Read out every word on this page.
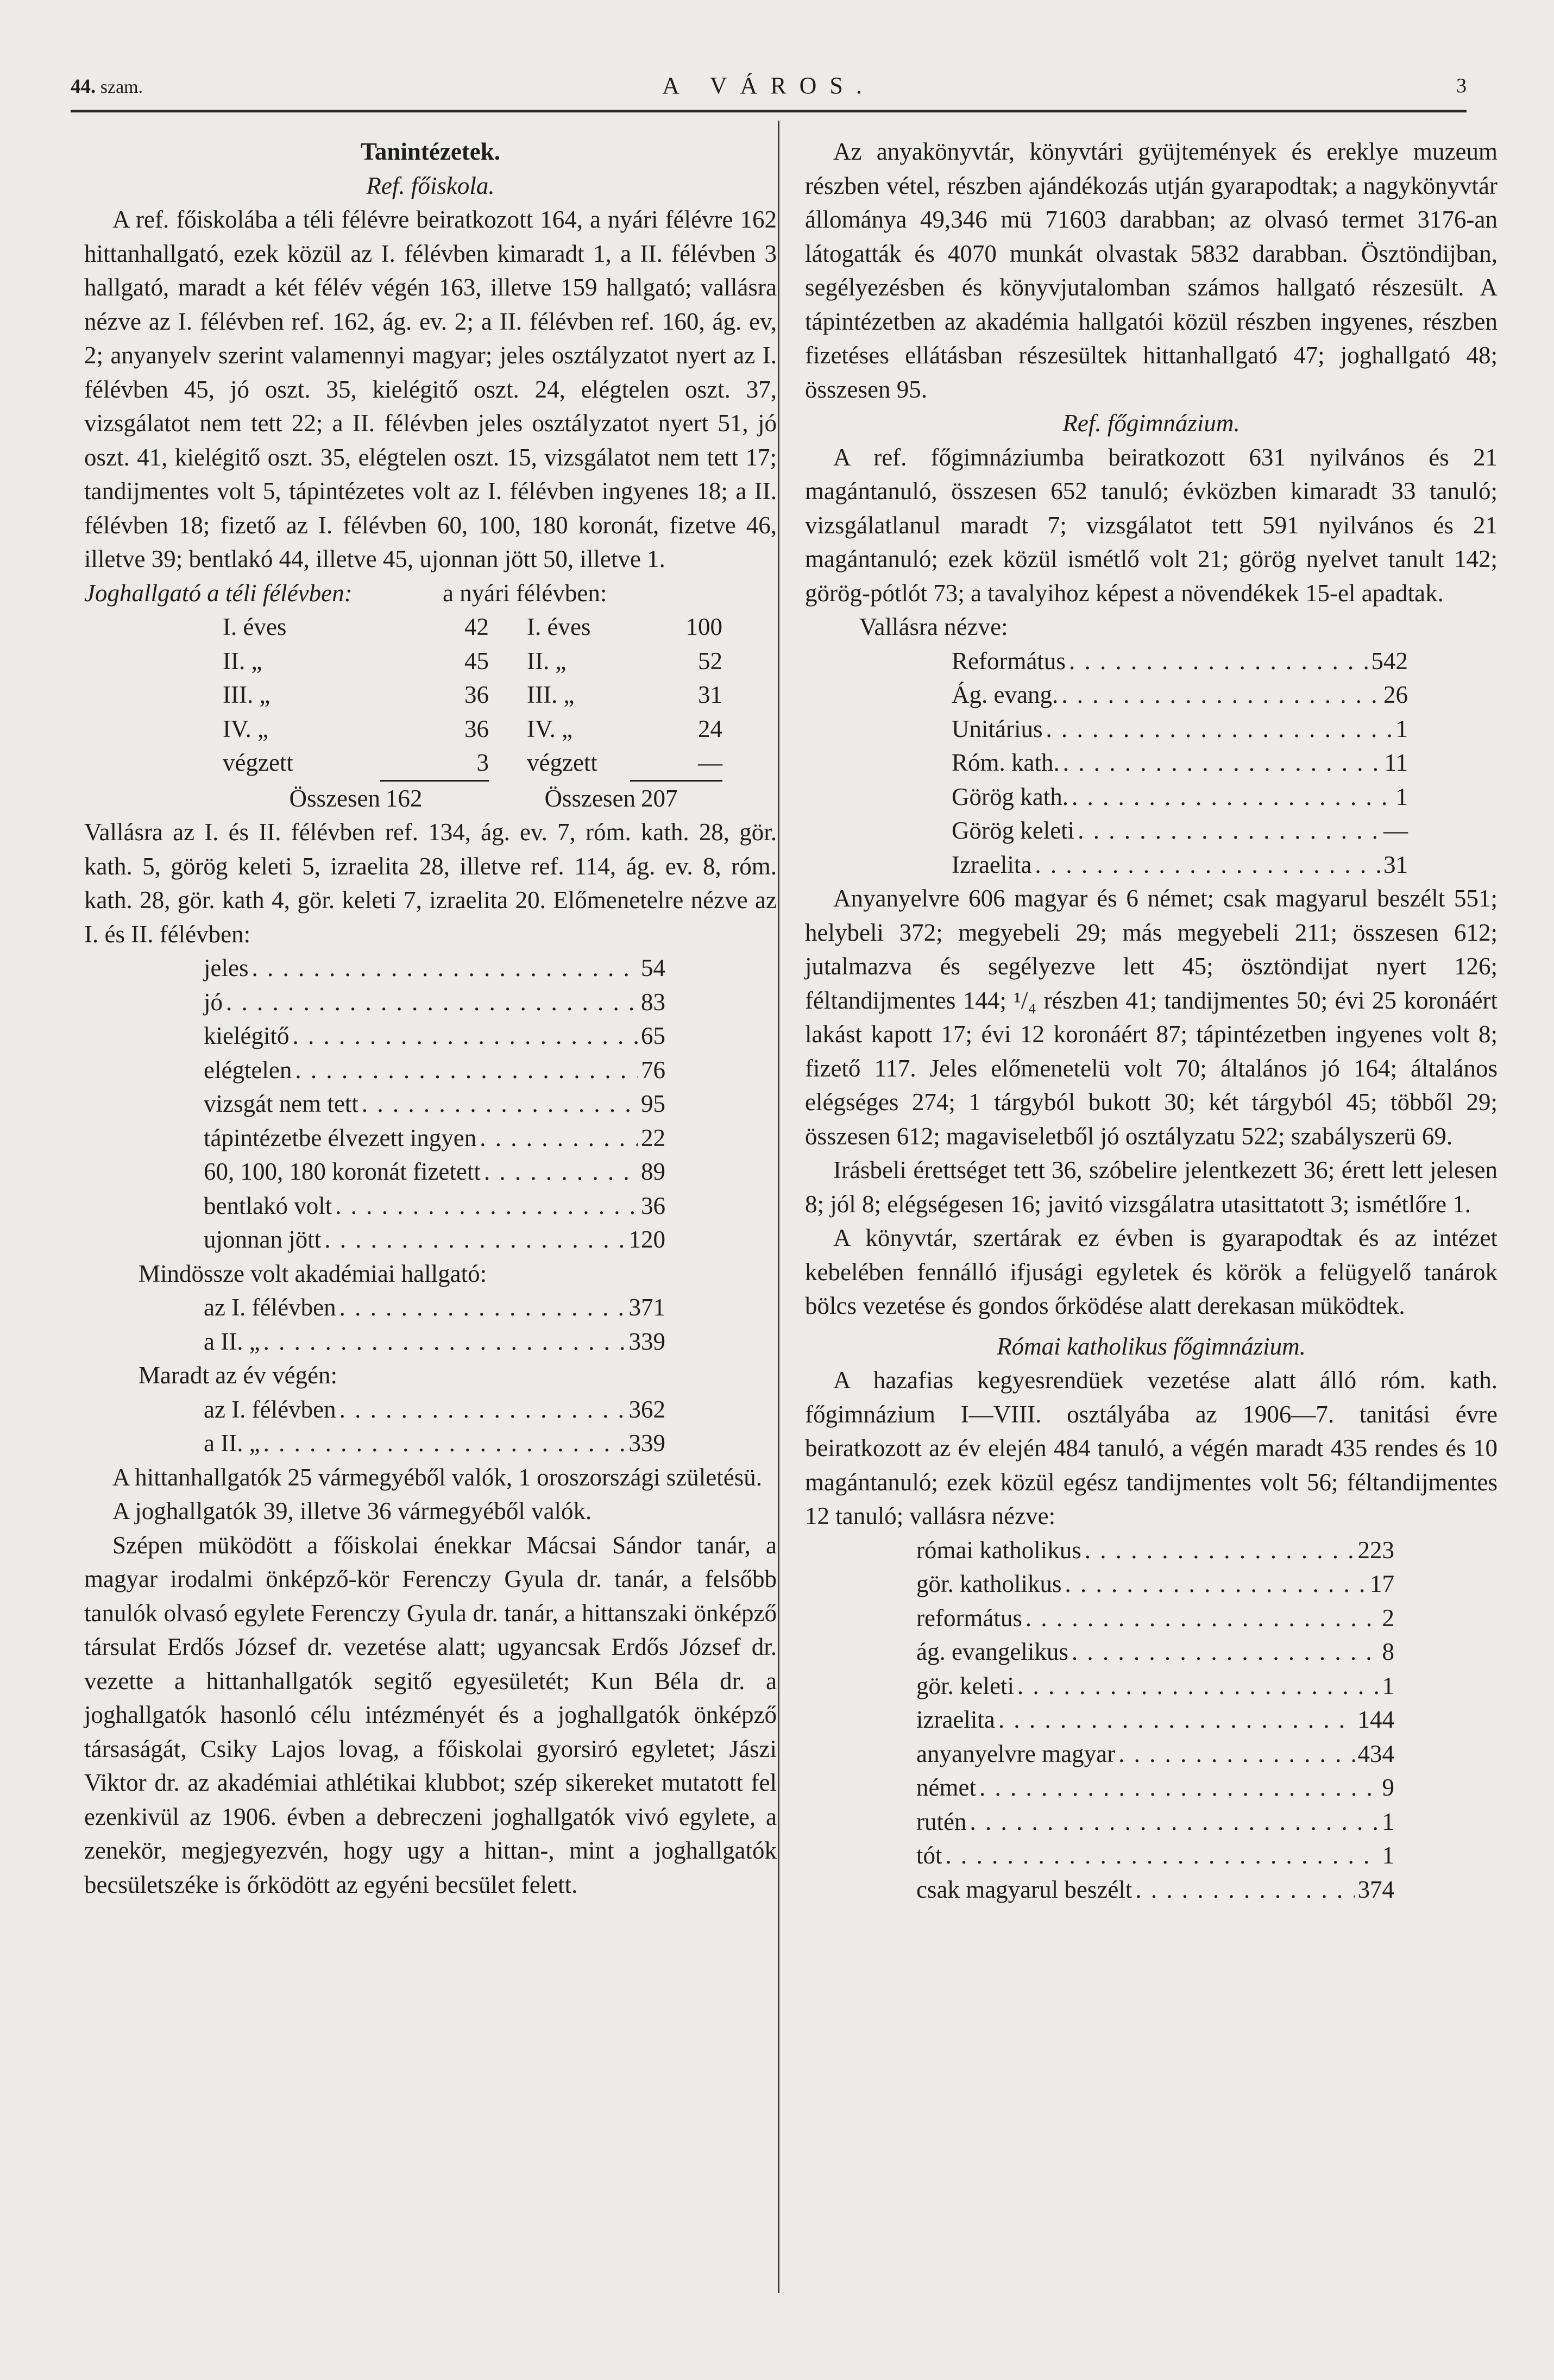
44. szam.	A VÁROS.	3

Tanintézetek.

Ref. főiskola.

A ref. főiskolába a téli félévre beiratkozott 164, a nyári félévre 162 hittanhallgató, ezek közül az I. félévben kimaradt 1, a II. félévben 3 hallgató, maradt a két félév végén 163, illetve 159 hallgató; vallásra nézve az I. félévben ref. 162, ág. ev. 2; a II. félévben ref. 160, ág. ev, 2; anyanyelv szerint valamennyi magyar; jeles osztályzatot nyert az I. félévben 45, jó oszt. 35, kielégitő oszt. 24, elégtelen oszt. 37, vizsgálatot nem tett 22; a II. félévben jeles osztályzatot nyert 51, jó oszt. 41, kielégitő oszt. 35, elégtelen oszt. 15, vizsgálatot nem tett 17; tandijmentes volt 5, tápintézetes volt az I. félévben ingyenes 18; a II. félévben 18; fizető az I. félévben 60, 100, 180 koronát, fizetve 46, illetve 39; bentlakó 44, illetve 45, ujonnan jött 50, illetve 1.

Joghallgató a téli félévben:	a nyári félévben:
I. éves	42	I. éves	100
II. „	45	II. „	52
III. „	36	III. „	31
IV. „	36	IV. „	24
végzett	3	végzett	—
Összesen 162	Összesen 207

Vallásra az I. és II. félévben ref. 134, ág. ev. 7, róm. kath. 28, gör. kath. 5, görög keleti 5, izraelita 28, illetve ref. 114, ág. ev. 8, róm. kath. 28, gör. kath 4, gör. keleti 7, izraelita 20. Előmenetelre nézve az I. és II. félévben:

jeles . . .	54
jó . . .	83
kielégitő . . .	65
elégtelen . . .	76
vizsgát nem tett . . .	95
tápintézetbe élvezett ingyen . . .	22
60, 100, 180 koronát fizetett . . .	89
bentlakó volt . . .	36
ujonnan jött . . .	120

Mindössze volt akadémiai hallgató:

az I. félévben . . .	371
a II. „ . . .	339

Maradt az év végén:

az I. félévben . . .	362
a II. „ . . .	339

A hittanhallgatók 25 vármegyéből valók, 1 oroszországi születésü.

A joghallgatók 39, illetve 36 vármegyéből valók.

Szépen müködött a főiskolai énekkar Mácsai Sándor tanár, a magyar irodalmi önképző-kör Ferenczy Gyula dr. tanár, a felsőbb tanulók olvasó egylete Ferenczy Gyula dr. tanár, a hittanszaki önképző társulat Erdős József dr. vezetése alatt; ugyancsak Erdős József dr. vezette a hittanhallgatók segitő egyesületét; Kun Béla dr. a joghallgatók hasonló célu intézményét és a joghallgatók önképző társaságát, Csiky Lajos lovag, a főiskolai gyorsiró egyletet; Jászi Viktor dr. az akadémiai athlétikai klubbot; szép sikereket mutatott fel ezenkivül az 1906. évben a debreczeni joghallgatók vivó egylete, a zenekör, megjegyezvén, hogy ugy a hittan-, mint a joghallgatók becsületszéke is őrködött az egyéni becsület felett.

Az anyakönyvtár, könyvtári gyüjtemények és ereklye muzeum részben vétel, részben ajándékozás utján gyarapodtak; a nagykönyvtár állománya 49,346 mü 71603 darabban; az olvasó termet 3176-an látogatták és 4070 munkát olvastak 5832 darabban. Ösztöndijban, segélyezésben és könyvjutalomban számos hallgató részesült. A tápintézetben az akadémia hallgatói közül részben ingyenes, részben fizetéses ellátásban részesültek hittanhallgató 47; joghallgató 48; összesen 95.

Ref. főgimnázium.

A ref. főgimnáziumba beiratkozott 631 nyilvános és 21 magántanuló, összesen 652 tanuló; évközben kimaradt 33 tanuló; vizsgálatlanul maradt 7; vizsgálatot tett 591 nyilvános és 21 magántanuló; ezek közül ismétlő volt 21; görög nyelvet tanult 142; görög-pótlót 73; a tavalyihoz képest a növendékek 15-el apadtak.

Vallásra nézve:

Református . . .	542
Ág. evang. . . .	26
Unitárius . . .	1
Róm. kath. . . .	11
Görög kath. . . .	1
Görög keleti . . .	—
Izraelita . . .	31

Anyanyelvre 606 magyar és 6 német; csak magyarul beszélt 551; helybeli 372; megyebeli 29; más megyebeli 211; összesen 612; jutalmazva és segélyezve lett 45; ösztöndijat nyert 126; féltandijmentes 144; ¹/₄ részben 41; tandijmentes 50; évi 25 koronáért lakást kapott 17; évi 12 koronáért 87; tápintézetben ingyenes volt 8; fizető 117. Jeles előmenetelü volt 70; általános jó 164; általános elégséges 274; 1 tárgyból bukott 30; két tárgyból 45; többől 29; összesen 612; magaviseletből jó osztályzatu 522; szabályszerü 69.

Irásbeli érettséget tett 36, szóbelire jelentkezett 36; érett lett jelesen 8; jól 8; elégségesen 16; javitó vizsgálatra utasittatott 3; ismétlőre 1.

A könyvtár, szertárak ez évben is gyarapodtak és az intézet kebelében fennálló ifjusági egyletek és körök a felügyelő tanárok bölcs vezetése és gondos őrködése alatt derekasan müködtek.

Római katholikus főgimnázium.

A hazafias kegyesrendüek vezetése alatt álló róm. kath. főgimnázium I—VIII. osztályába az 1906—7. tanitási évre beiratkozott az év elején 484 tanuló, a végén maradt 435 rendes és 10 magántanuló; ezek közül egész tandijmentes volt 56; féltandijmentes 12 tanuló; vallásra nézve:

római katholikus . . .	223
gör. katholikus . . .	17
református . . .	2
ág. evangelikus . . .	8
gör. keleti . . .	1
izraelita . . .	144
anyanyelvre magyar . . .	434
német . . .	9
rutén . . .	1
tót . . .	1
csak magyarul beszélt . . .	374
